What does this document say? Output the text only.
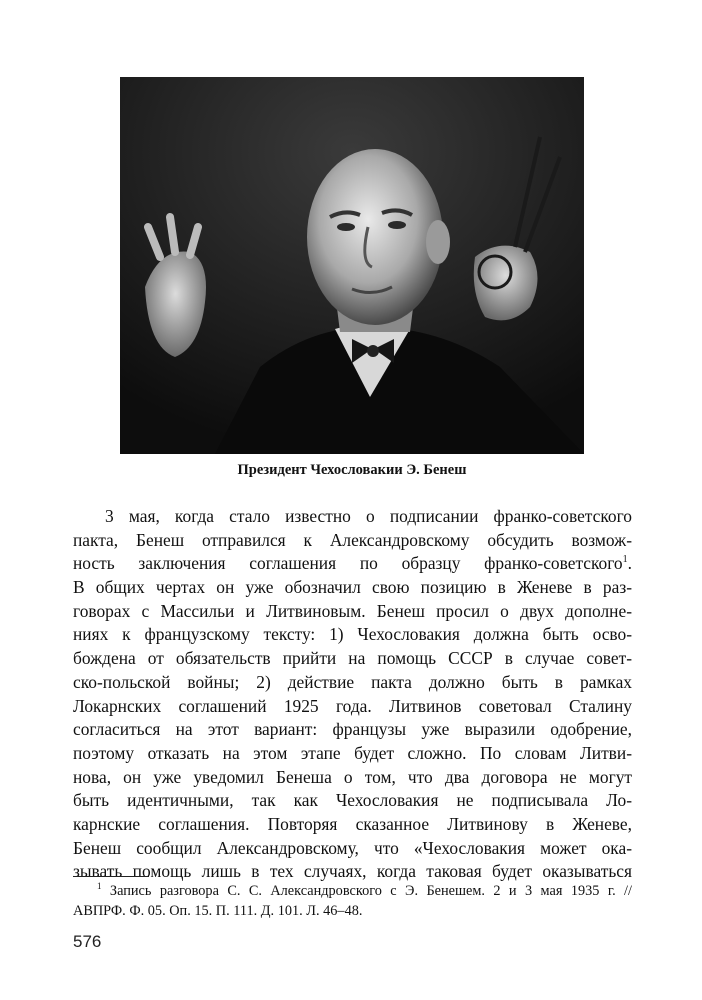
Президент Чехословакии Э. Бенеш
3 мая, когда стало известно о подписании франко-советского
пакта, Бенеш отправился к Александровскому обсудить возмож-
ность заключения соглашения по образцу франко-советского$^1$.
В общих чертах он уже обозначил свою позицию в Женеве в раз-
говорах с Массильи и Литвиновым. Бенеш просил о двух дополне-
ниях к французскому тексту: 1) Чехословакия должна быть осво-
бождена от обязательств прийти на помощь СССР в случае совет-
ско-польской войны; 2) действие пакта должно быть в рамках
Локарнских соглашений 1925 года. Литвинов советовал Сталину
согласиться на этот вариант: французы уже выразили одобрение,
поэтому отказать на этом этапе будет сложно. По словам Литви-
нова, он уже уведомил Бенеша о том, что два договора не могут
быть идентичными, так как Чехословакия не подписывала Ло-
карнские соглашения. Повторяя сказанное Литвинову в Женеве,
Бенеш сообщил Александровскому, что «Чехословакия может ока-
зывать помощь лишь в тех случаях, когда таковая будет оказываться
$^1$ Запись разговора С. С. Александровского с Э. Бенешем. 2 и 3 мая 1935 г. //
АВПРФ. Ф. 05. Оп. 15. П. 111. Д. 101. Л. 46–48.
576
